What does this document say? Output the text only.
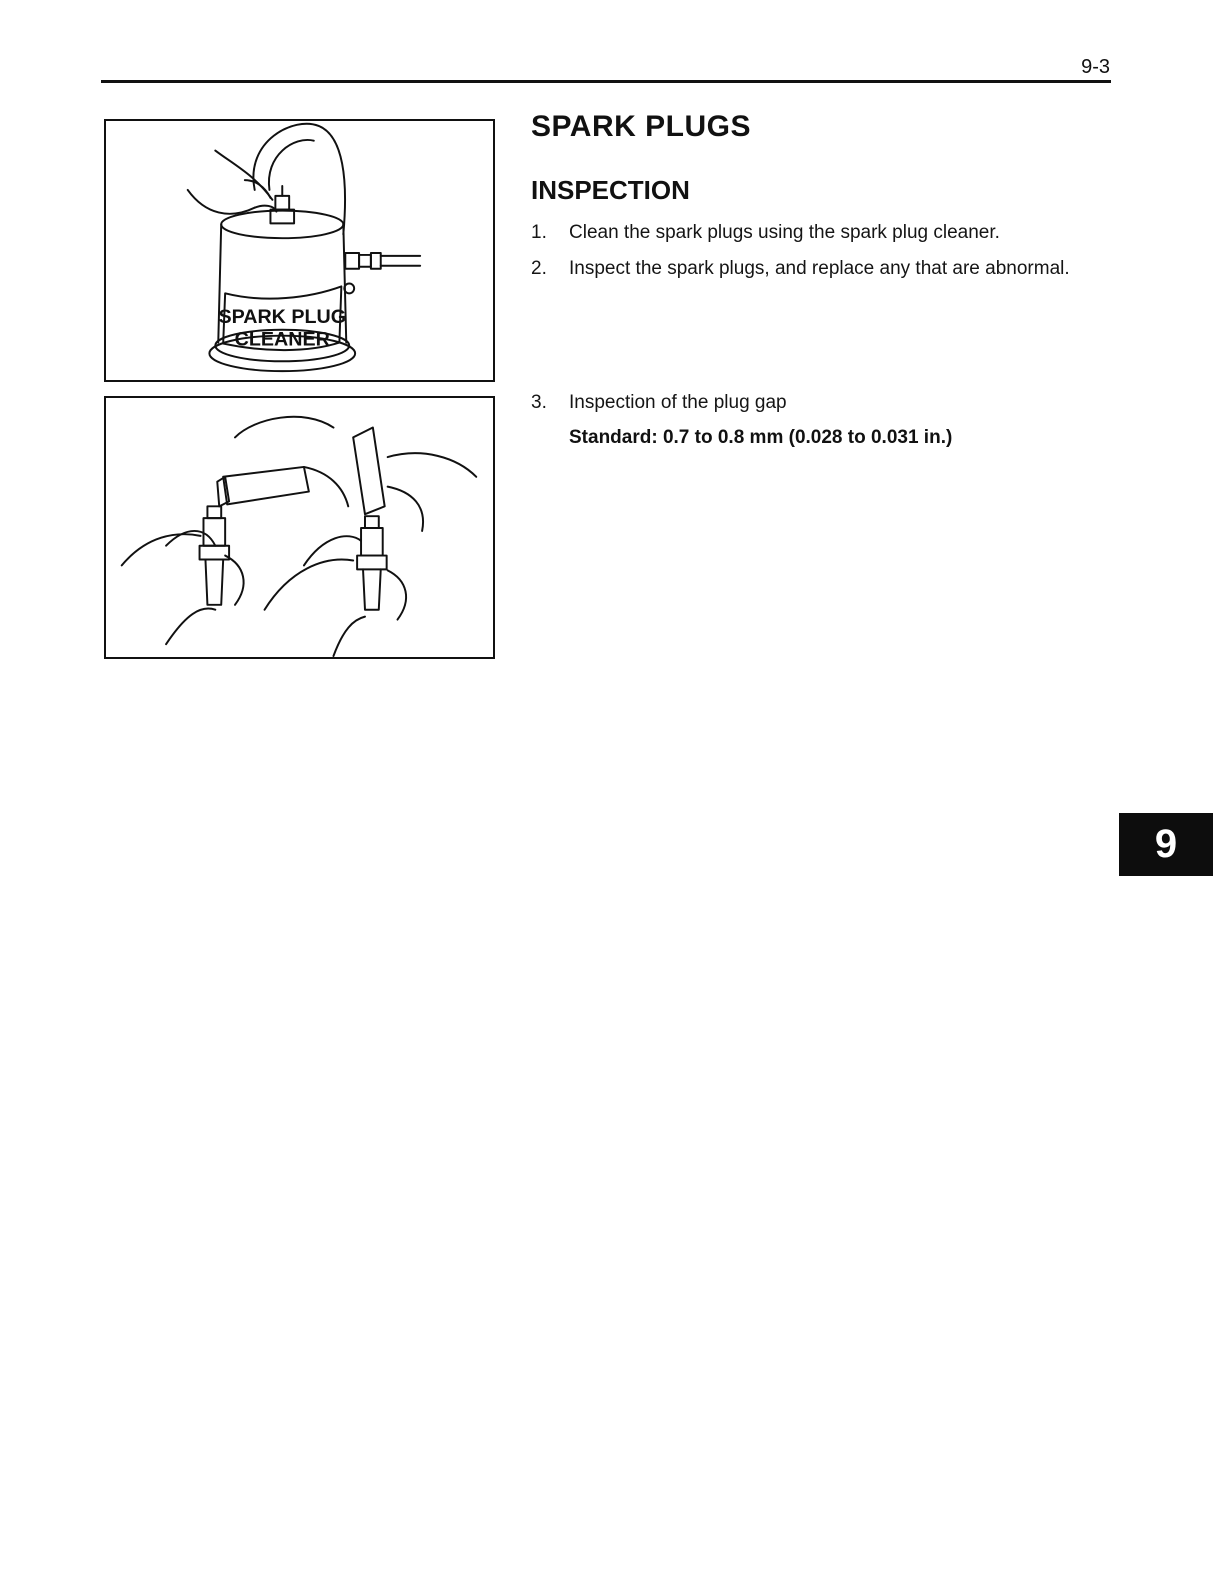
9-3
SPARK PLUG
CLEANER
SPARK PLUGS
INSPECTION
1. Clean the spark plugs using the spark plug cleaner.
2. Inspect the spark plugs, and replace any that are abnormal.
3. Inspection of the plug gap
Standard: 0.7 to 0.8 mm (0.028 to 0.031 in.)
9
